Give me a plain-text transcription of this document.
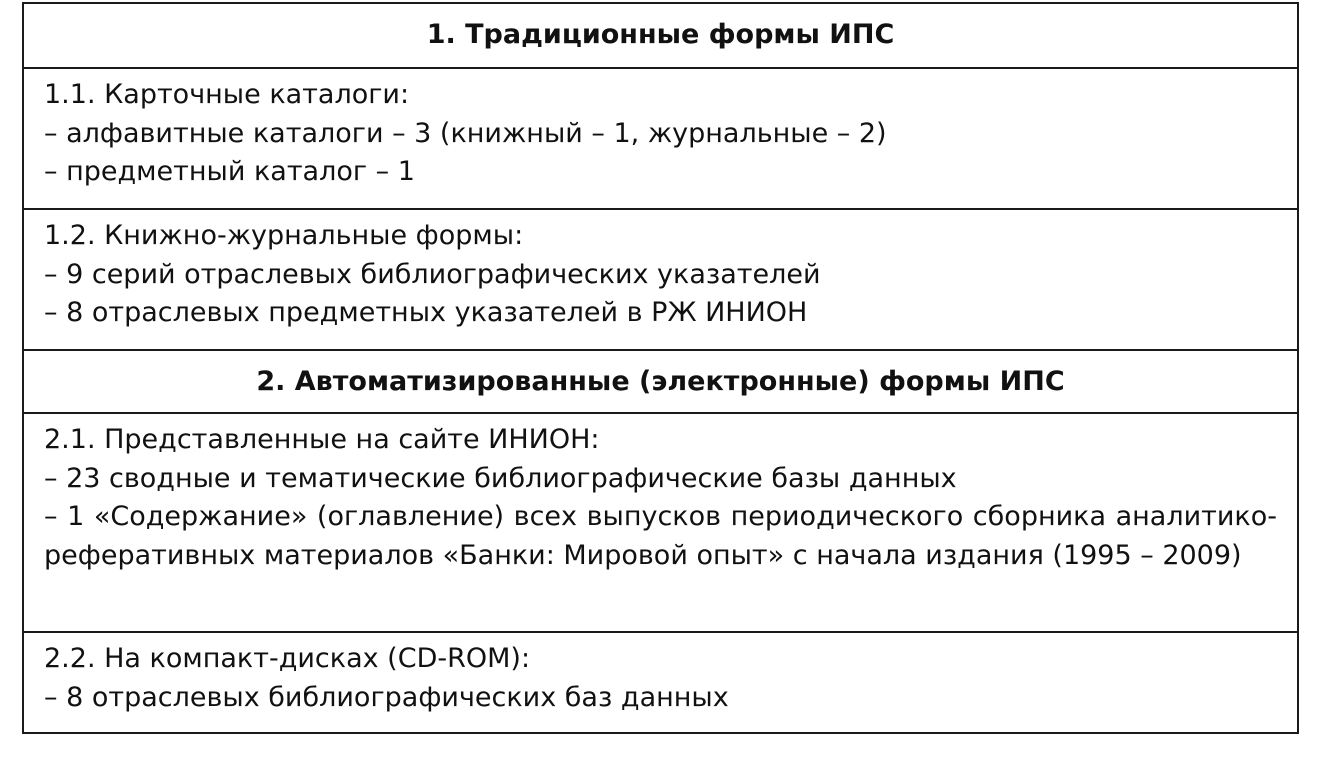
1. Традиционные формы ИПС
1.1. Карточные каталоги:
– алфавитные каталоги – 3 (книжный – 1, журнальные – 2)
– предметный каталог – 1
1.2. Книжно-журнальные формы:
– 9 серий отраслевых библиографических указателей
– 8 отраслевых предметных указателей в РЖ ИНИОН
2. Автоматизированные (электронные) формы ИПС
2.1. Представленные на сайте ИНИОН:
– 23 сводные и тематические библиографические базы данных
– 1 «Содержание» (оглавление) всех выпусков периодического сборника аналитико-реферативных материалов «Банки: Мировой опыт» с начала издания (1995 – 2009)
2.2. На компакт-дисках (CD-ROM):
– 8 отраслевых библиографических баз данных
